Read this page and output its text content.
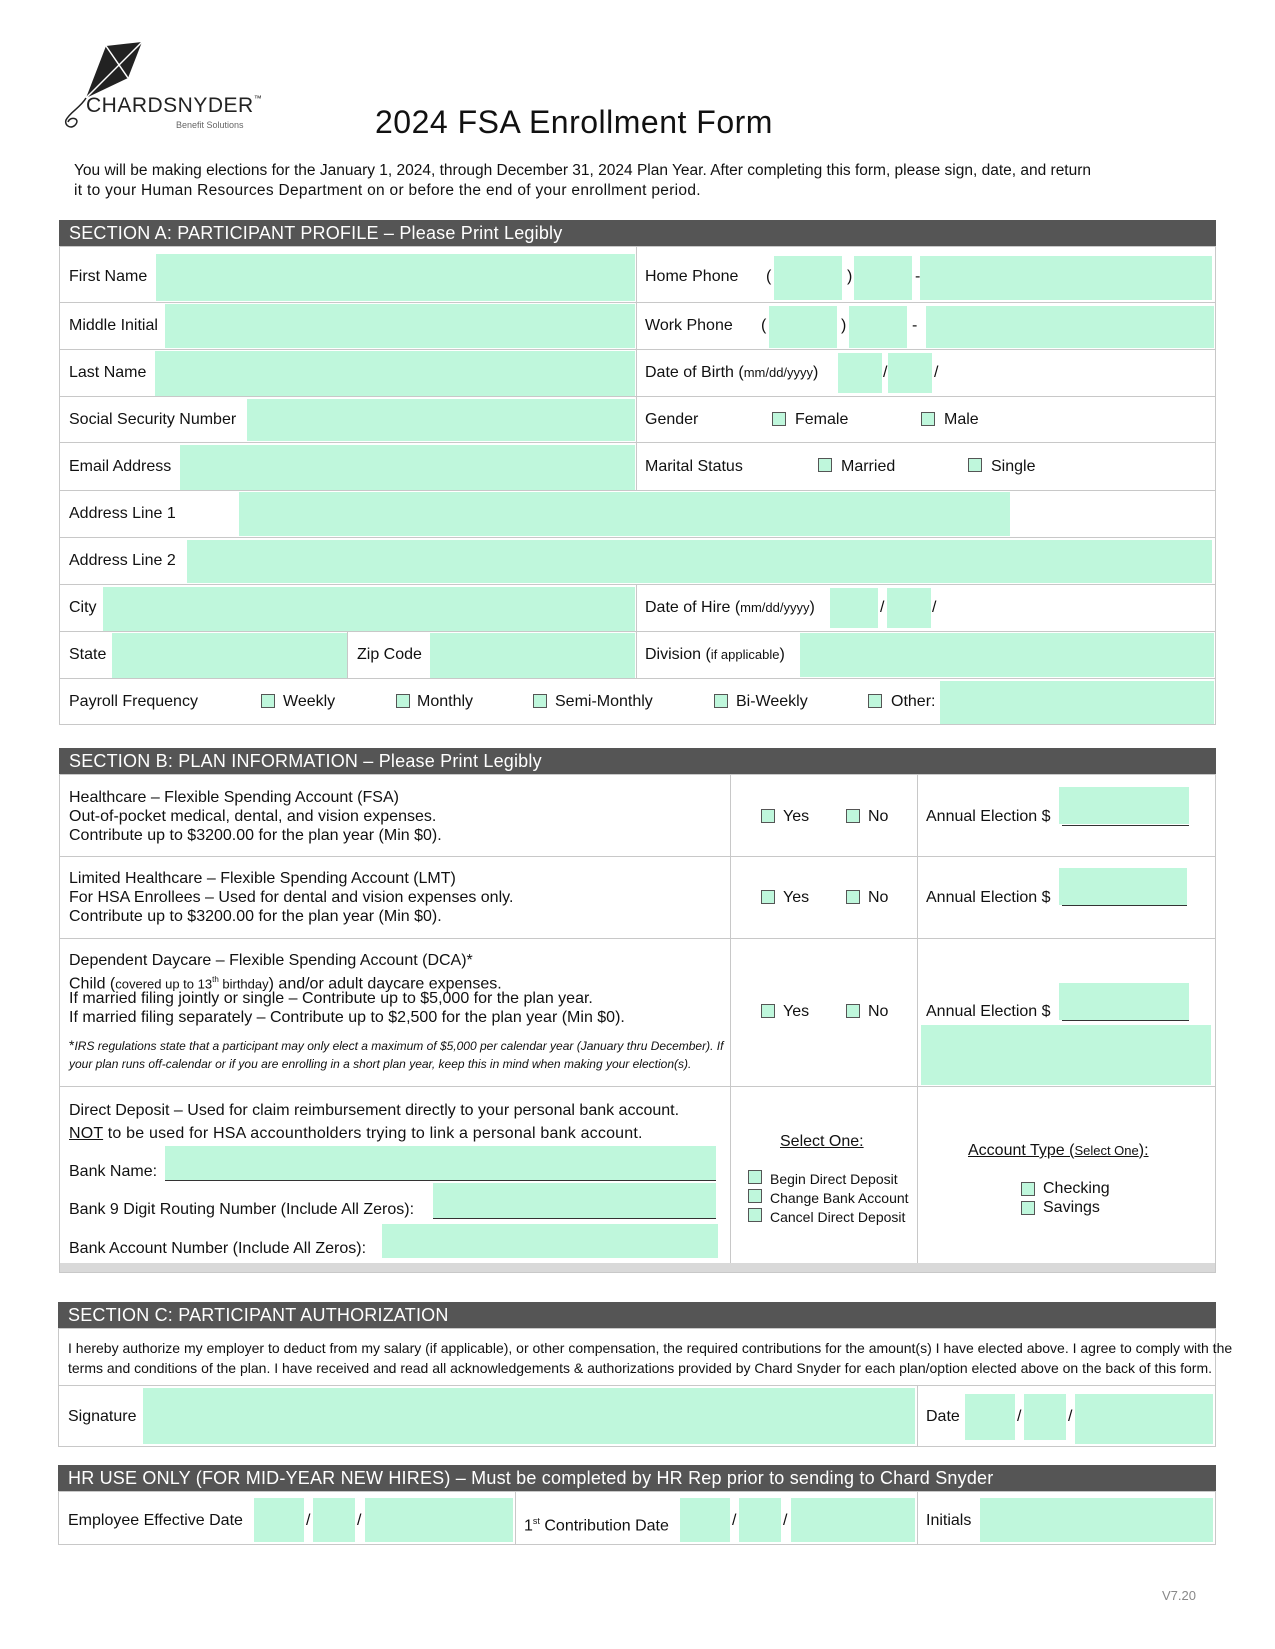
CHARDSNYDER™
Benefit Solutions	2024 FSA Enrollment Form
You will be making elections for the January 1, 2024, through December 31, 2024 Plan Year. After completing this form, please sign, date, and return
it to your Human Resources Department on or before the end of your enrollment period.
SECTION A: PARTICIPANT PROFILE – Please Print Legibly
First Name	Home Phone (	)	-
Middle Initial	Work Phone (	)	-
Last Name	Date of Birth (mm/dd/yyyy)	/	/
Social Security Number	Gender	Female	Male
Email Address	Marital Status	Married	Single
Address Line 1
Address Line 2
City	Date of Hire (mm/dd/yyyy)	/	/
State	Zip Code	Division (if applicable)
Payroll Frequency	Weekly	Monthly	Semi-Monthly	Bi-Weekly	Other:
SECTION B: PLAN INFORMATION – Please Print Legibly
Healthcare – Flexible Spending Account (FSA)
Out-of-pocket medical, dental, and vision expenses.
Contribute up to $3200.00 for the plan year (Min $0).
Yes	No Annual Election $
Limited Healthcare – Flexible Spending Account (LMT)
For HSA Enrollees – Used for dental and vision expenses only.
Contribute up to $3200.00 for the plan year (Min $0).
Yes	No Annual Election $
Dependent Daycare – Flexible Spending Account (DCA)*
Child (covered up to 13th birthday) and/or adult daycare expenses.
If married filing jointly or single – Contribute up to $5,000 for the plan year.
If married filing separately – Contribute up to $2,500 for the plan year (Min $0).
*IRS regulations state that a participant may only elect a maximum of $5,000 per calendar year (January thru December). If your plan runs off-calendar or if you are enrolling in a short plan year, keep this in mind when making your election(s).
Yes	No Annual Election $
Direct Deposit – Used for claim reimbursement directly to your personal bank account.
NOT to be used for HSA accountholders trying to link a personal bank account.
Bank Name:
Bank 9 Digit Routing Number (Include All Zeros):
Bank Account Number (Include All Zeros):
Select One:
Begin Direct Deposit
Change Bank Account
Cancel Direct Deposit
Account Type (Select One):
Checking
Savings
SECTION C: PARTICIPANT AUTHORIZATION
I hereby authorize my employer to deduct from my salary (if applicable), or other compensation, the required contributions for the amount(s) I have elected above. I agree to comply with the
terms and conditions of the plan. I have received and read all acknowledgements & authorizations provided by Chard Snyder for each plan/option elected above on the back of this form.
Signature	Date	/	/
HR USE ONLY (FOR MID-YEAR NEW HIRES) – Must be completed by HR Rep prior to sending to Chard Snyder
Employee Effective Date	/	/	1st Contribution Date	/	/	Initials
V7.20
